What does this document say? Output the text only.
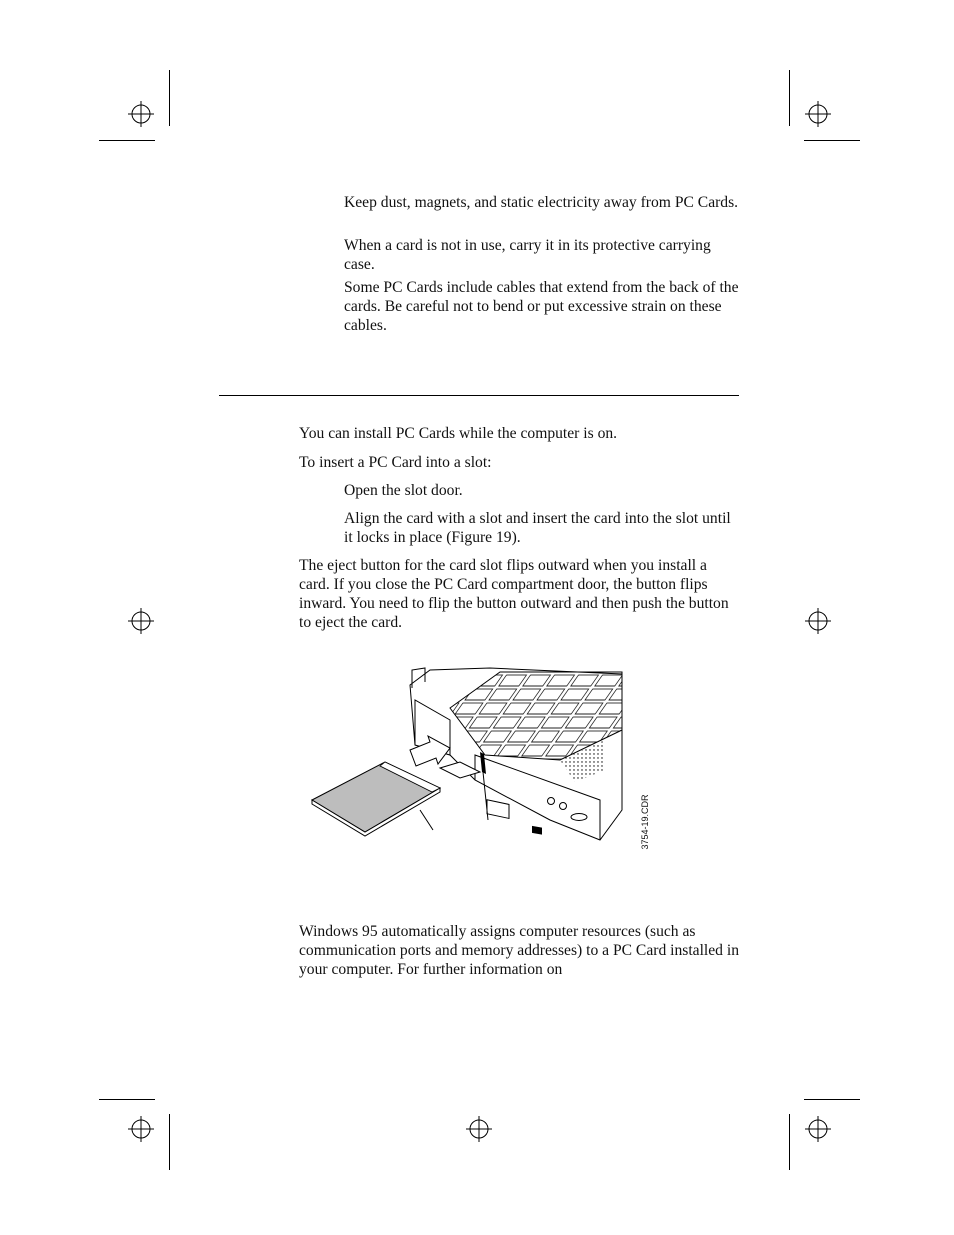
Keep dust, magnets, and static electricity away from PC Cards.

When a card is not in use, carry it in its protective carrying case.

Some PC Cards include cables that extend from the back of the cards. Be careful not to bend or put excessive strain on these cables.

You can install PC Cards while the computer is on.

To insert a PC Card into a slot:

Open the slot door.

Align the card with a slot and insert the card into the slot until it locks in place (Figure 19).

The eject button for the card slot flips outward when you install a card. If you close the PC Card compartment door, the button flips inward. You need to flip the button outward and then push the button to eject the card.

3754-19.CDR

Windows 95 automatically assigns computer resources (such as communication ports and memory addresses) to a PC Card installed in your computer. For further information on
